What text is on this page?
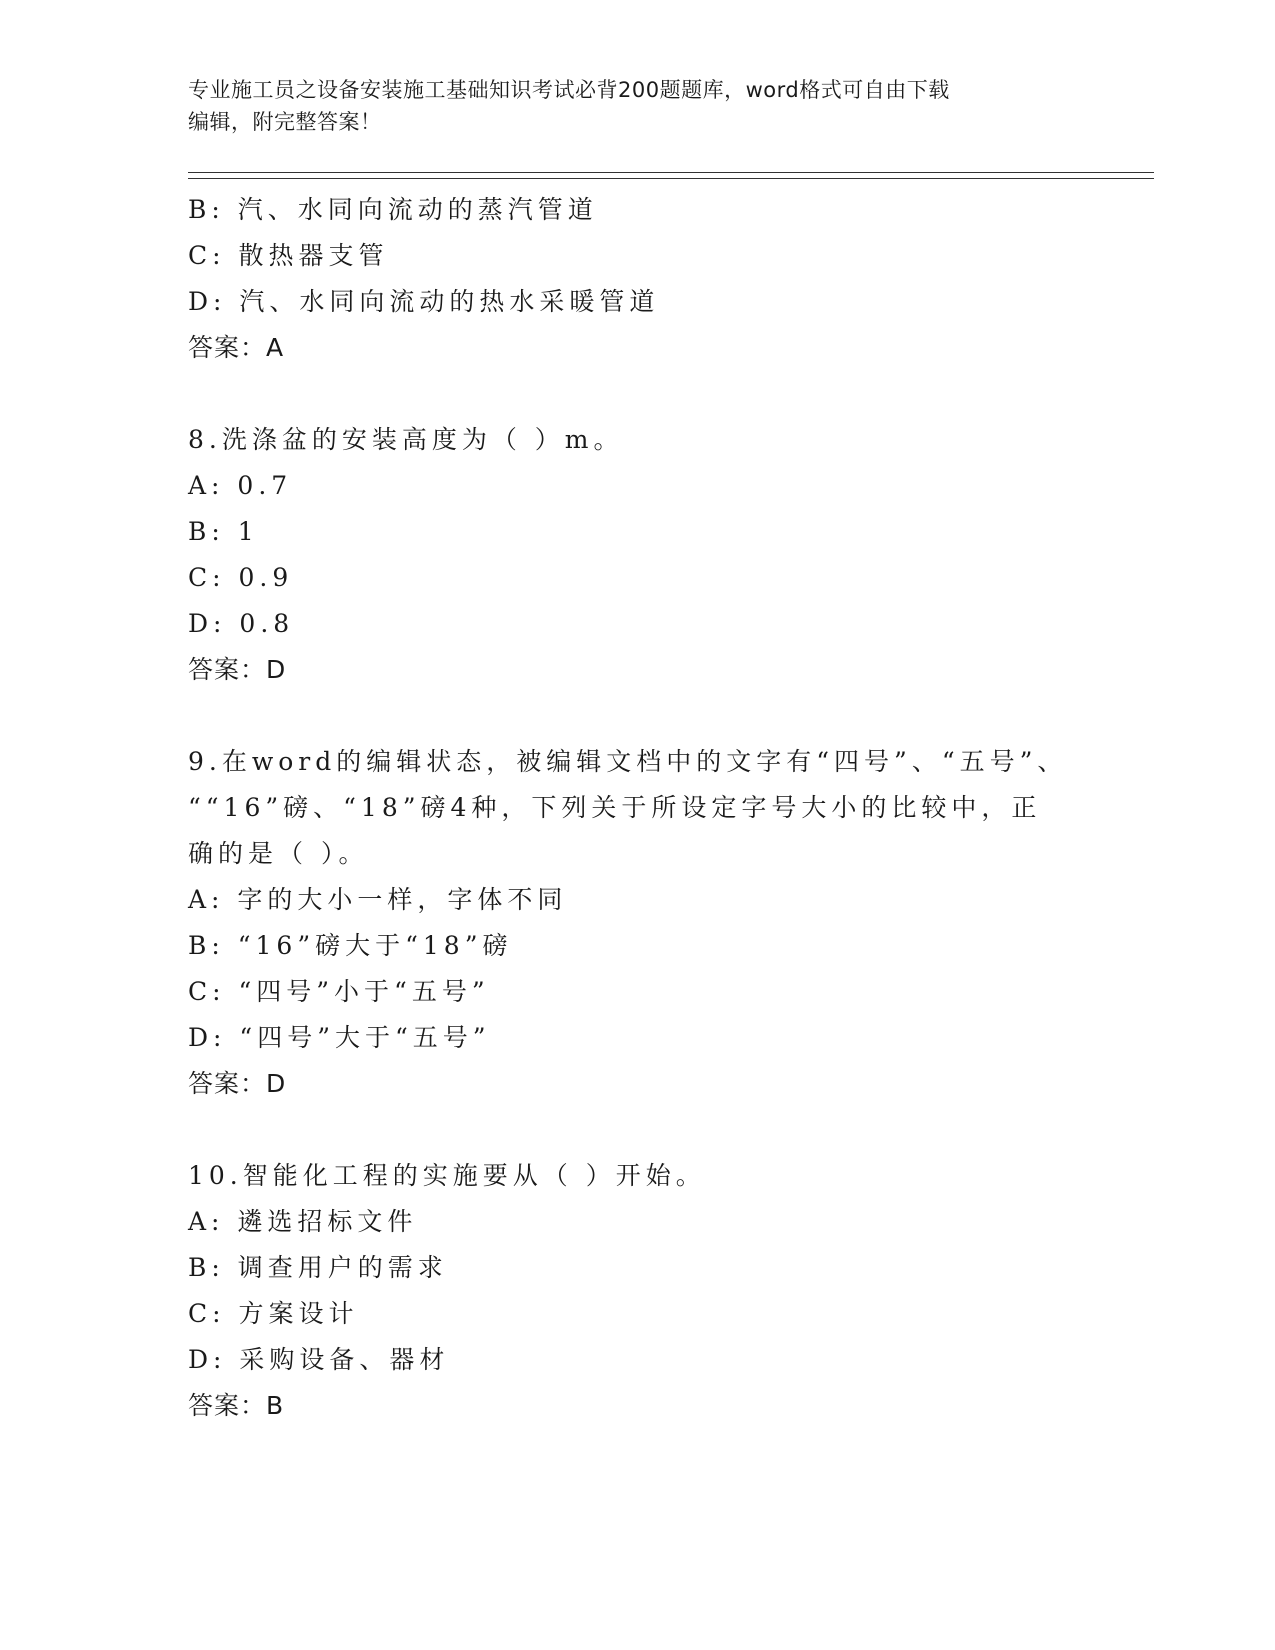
专业施工员之设备安装施工基础知识考试必背200题题库，word格式可自由下载
编辑，附完整答案！
B: 汽、水同向流动的蒸汽管道
C: 散热器支管
D: 汽、水同向流动的热水采暖管道
答案：A
8.洗涤盆的安装高度为（ ）m。
A: 0.7
B: 1
C: 0.9
D: 0.8
答案：D
9.在word的编辑状态，被编辑文档中的文字有“四号”、“五号”、
““16”磅、“18”磅4种，下列关于所设定字号大小的比较中，正
确的是（ ）。
A: 字的大小一样，字体不同
B: “16”磅大于“18”磅
C: “四号”小于“五号”
D: “四号”大于“五号”
答案：D
10.智能化工程的实施要从（ ）开始。
A: 遴选招标文件
B: 调查用户的需求
C: 方案设计
D: 采购设备、器材
答案：B
